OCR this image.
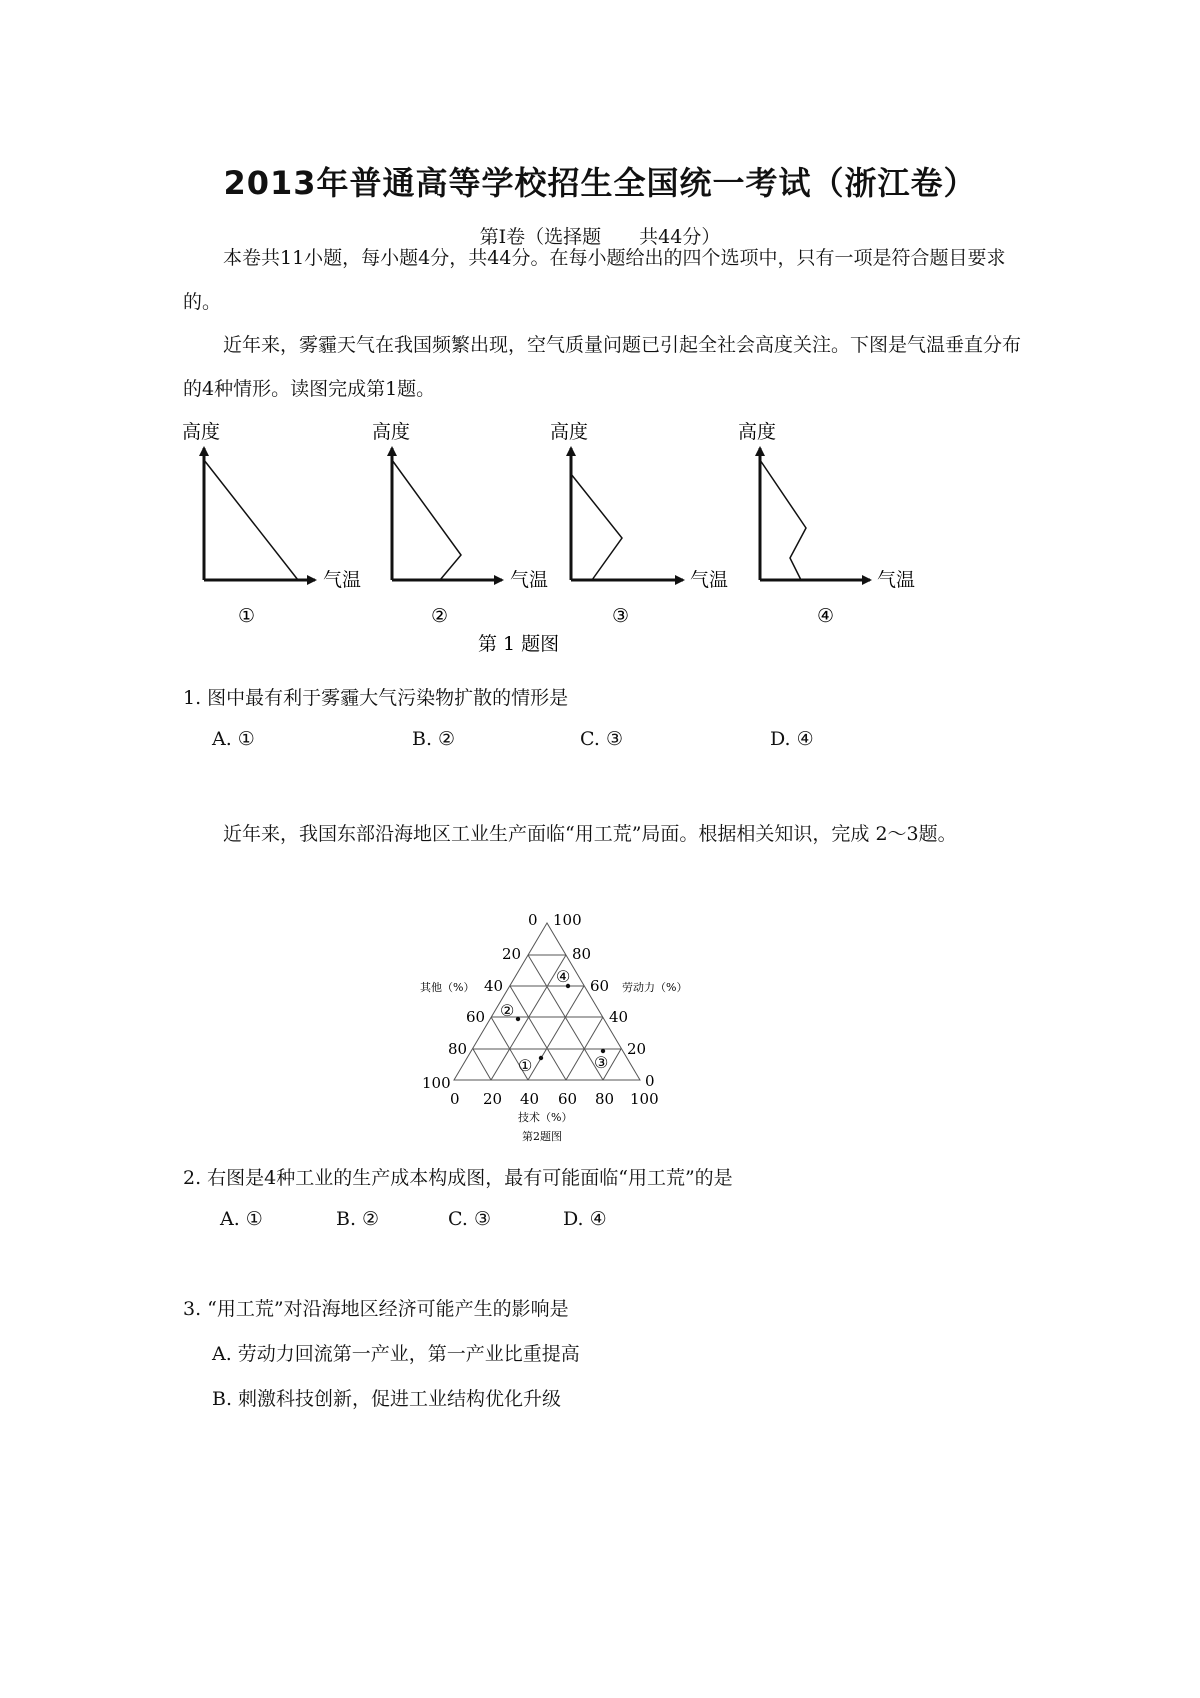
2013年普通高等学校招生全国统一考试（浙江卷）
第Ⅰ卷（选择题　　共44分）
本卷共11小题，每小题4分，共44分。在每小题给出的四个选项中，只有一项是符合题目要求的。
近年来，雾霾天气在我国频繁出现，空气质量问题已引起全社会高度关注。下图是气温垂直分布的4种情形。读图完成第1题。
高度
气温
①
高度
气温
②
高度
气温
③
高度
气温
④
第 1 题图
1. 图中最有利于雾霾大气污染物扩散的情形是
A. ①	B. ②	C. ③	D. ④
近年来，我国东部沿海地区工业生产面临“用工荒”局面。根据相关知识，完成 2～3题。
0 100
20
40
60
80
100
80
60
40
20
0
0 20 40 60 80 100
其他（%）	劳动力（%）
技术（%）
第2题图
①
②
③
④
2. 右图是4种工业的生产成本构成图，最有可能面临“用工荒”的是
A. ①	B. ②	C. ③	D. ④
3. “用工荒”对沿海地区经济可能产生的影响是
A. 劳动力回流第一产业，第一产业比重提高
B. 刺激科技创新，促进工业结构优化升级
